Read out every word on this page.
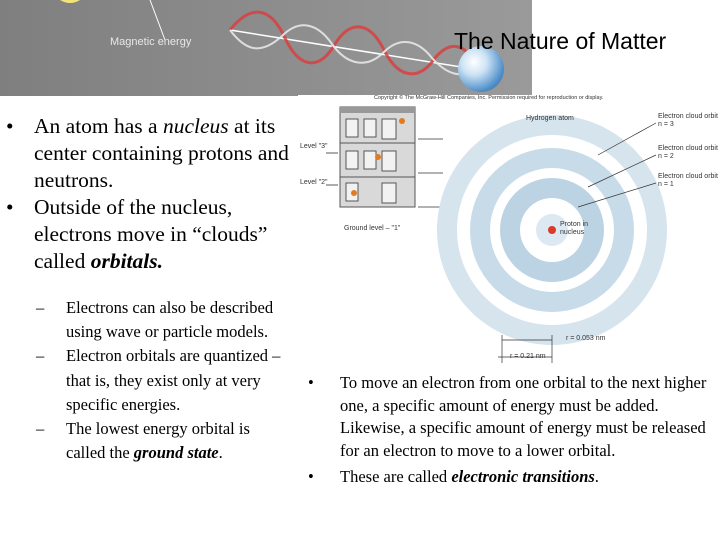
Magnetic energy	The Nature of Matter
• An atom has a nucleus at its center containing protons and neutrons.
• Outside of the nucleus, electrons move in “clouds” called orbitals.
– Electrons can also be described using wave or particle models.
– Electron orbitals are quantized – that is, they exist only at very specific energies.
– The lowest energy orbital is called the ground state.
• To move an electron from one orbital to the next higher one, a specific amount of energy must be added. Likewise, a specific amount of energy must be released for an electron to move to a lower orbital.
• These are called electronic transitions.
Copyright © The McGraw-Hill Companies, Inc. Permission required for reproduction or display.
Hydrogen atom
Level "3"
Level "2"
Ground level – "1"
Electron cloud orbit n = 3
Electron cloud orbit n = 2
Electron cloud orbit n = 1
Proton in nucleus
r = 0.053 nm
r = 0.21 nm
